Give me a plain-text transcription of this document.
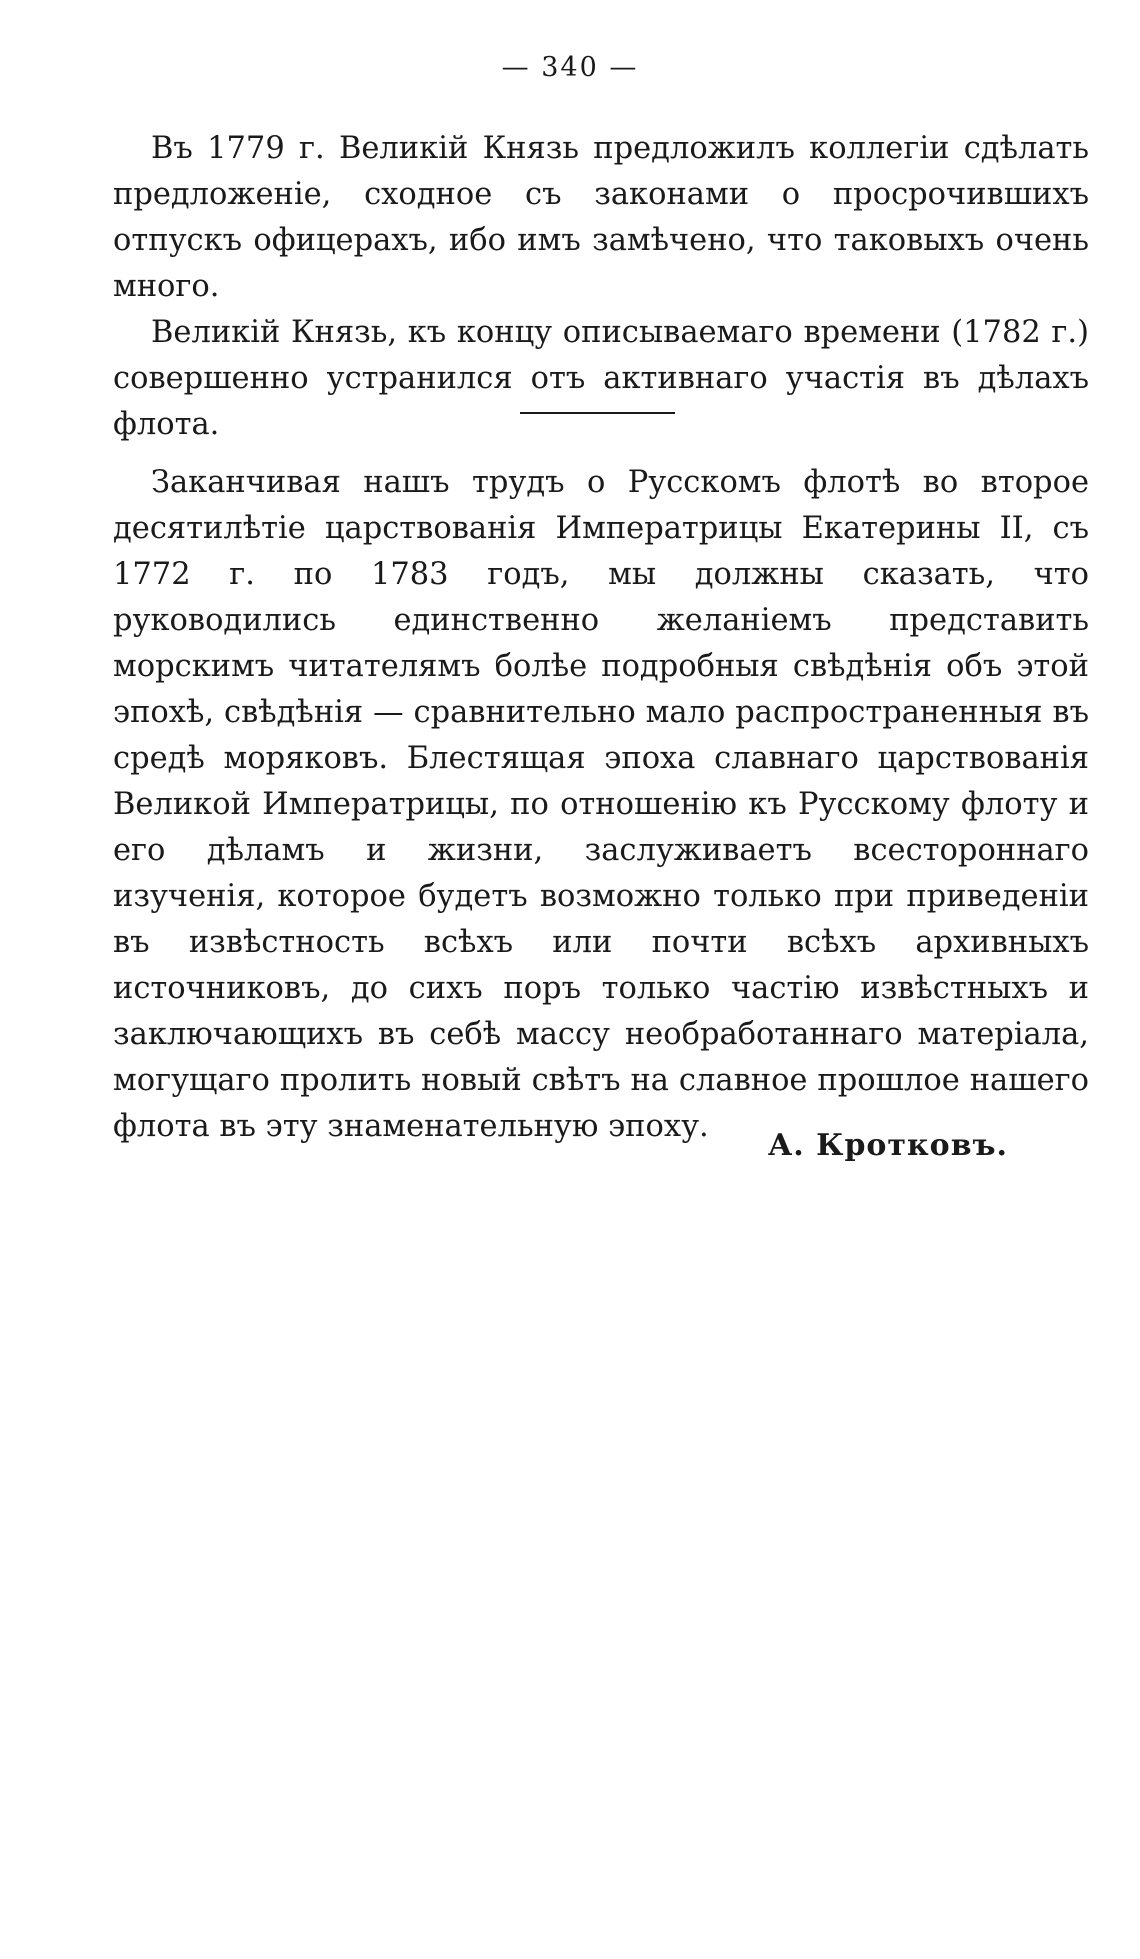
— 340 —

Въ 1779 г. Великій Князь предложилъ коллегіи сдѣлать предложеніе, сходное съ законами о просрочившихъ отпускъ офицерахъ, ибо имъ замѣчено, что таковыхъ очень много.

Великій Князь, къ концу описываемаго времени (1782 г.) совершенно устранился отъ активнаго участія въ дѣлахъ флота.

Заканчивая нашъ трудъ о Русскомъ флотѣ во второе десятилѣтіе царствованія Императрицы Екатерины II, съ 1772 г. по 1783 годъ, мы должны сказать, что руководились единственно желаніемъ представить морскимъ читателямъ болѣе подробныя свѣдѣнія объ этой эпохѣ, свѣдѣнія — сравнительно мало распространенныя въ средѣ моряковъ. Блестящая эпоха славнаго царствованія Великой Императрицы, по отношенію къ Русскому флоту и его дѣламъ и жизни, заслуживаетъ всестороннаго изученія, которое будетъ возможно только при приведеніи въ извѣстность всѣхъ или почти всѣхъ архивныхъ источниковъ, до сихъ поръ только частію извѣстныхъ и заключающихъ въ себѣ массу необработаннаго матеріала, могущаго пролить новый свѣтъ на славное прошлое нашего флота въ эту знаменательную эпоху.

А. Кротковъ.
